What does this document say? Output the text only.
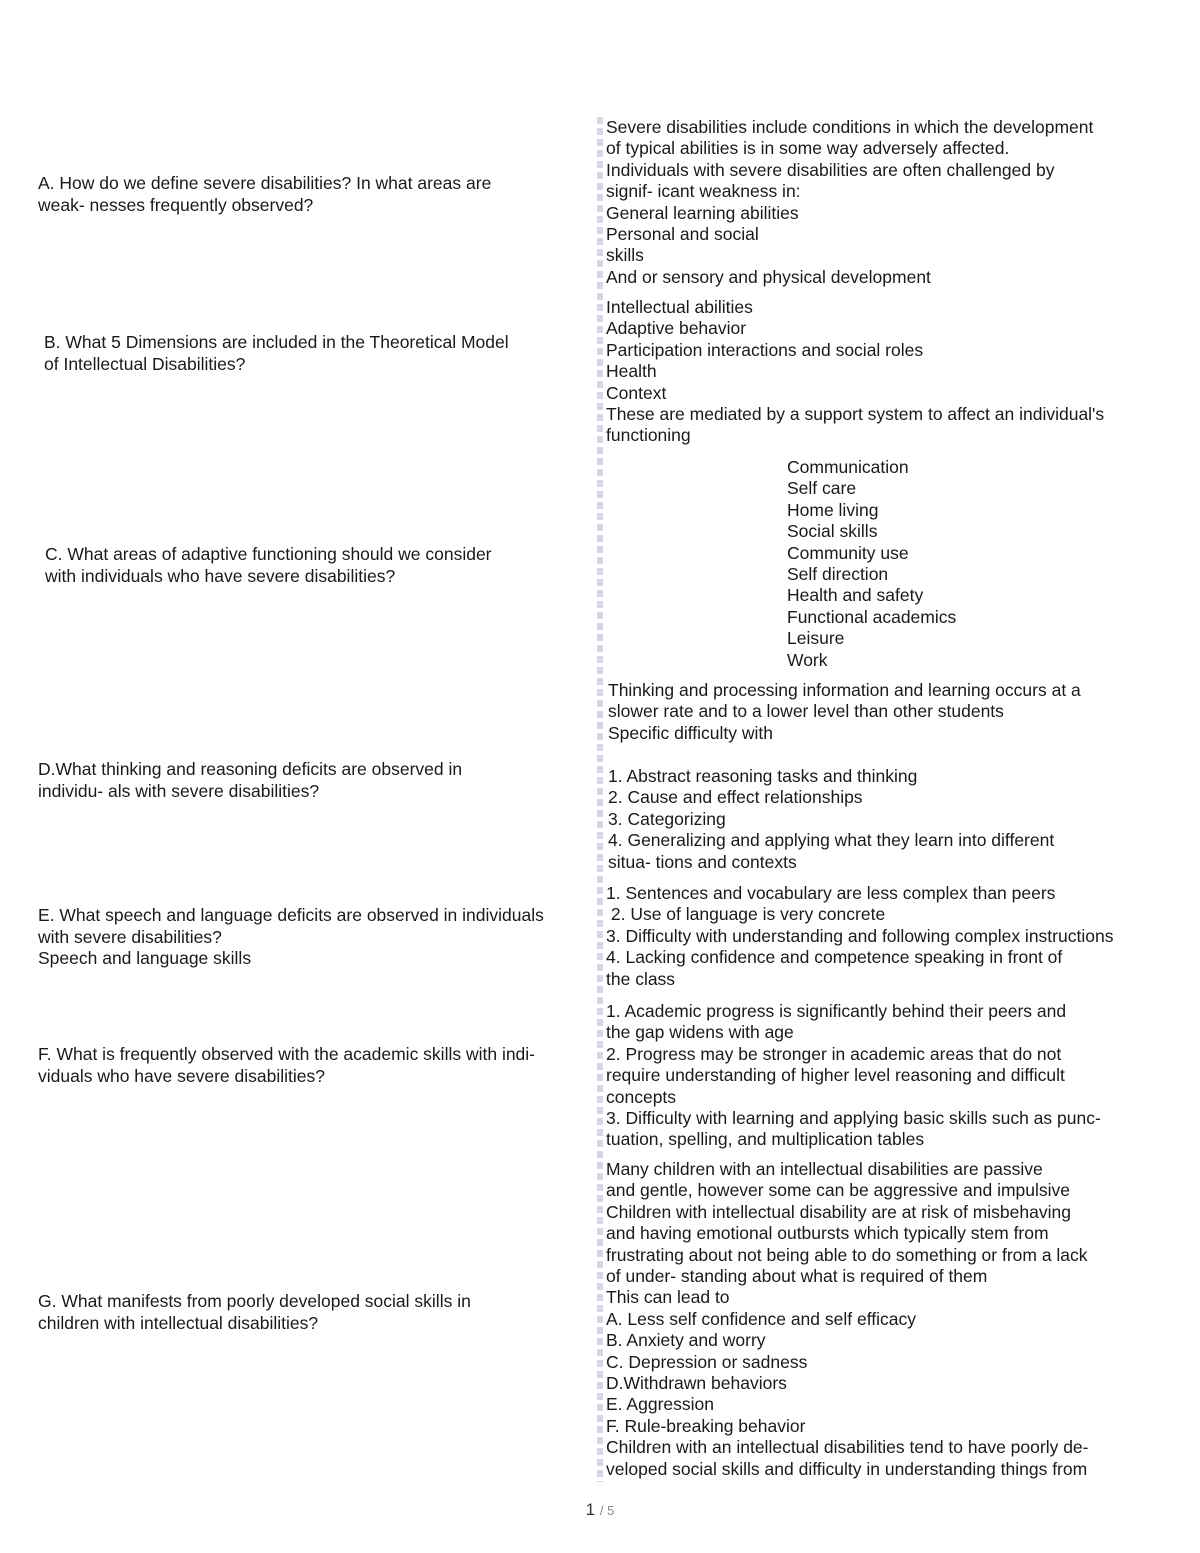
A. How do we define severe disabilities? In what areas are
weak- nesses frequently observed?
Severe disabilities include conditions in which the development
of typical abilities is in some way adversely affected.
Individuals with severe disabilities are often challenged by
signif- icant weakness in:
General learning abilities
Personal and social
skills
And or sensory and physical development
B. What 5 Dimensions are included in the Theoretical Model
of Intellectual Disabilities?
Intellectual abilities
Adaptive behavior
Participation interactions and social roles
Health
Context
These are mediated by a support system to affect an individual's
functioning
C. What areas of adaptive functioning should we consider
with individuals who have severe disabilities?
Communication
Self care
Home living
Social skills
Community use
Self direction
Health and safety
Functional academics
Leisure
Work
D.What thinking and reasoning deficits are observed in
individu- als with severe disabilities?
Thinking and processing information and learning occurs at a
slower rate and to a lower level than other students
Specific difficulty with
1. Abstract reasoning tasks and thinking
2. Cause and effect relationships
3. Categorizing
4. Generalizing and applying what they learn into different
situa- tions and contexts
E. What speech and language deficits are observed in individuals
with severe disabilities?
Speech and language skills
1. Sentences and vocabulary are less complex than peers
2. Use of language is very concrete
3. Difficulty with understanding and following complex instructions
4. Lacking confidence and competence speaking in front of
the class
F. What is frequently observed with the academic skills with indi-
viduals who have severe disabilities?
1. Academic progress is significantly behind their peers and
the gap widens with age
2. Progress may be stronger in academic areas that do not
require understanding of higher level reasoning and difficult
concepts
3. Difficulty with learning and applying basic skills such as punc-
tuation, spelling, and multiplication tables
G. What manifests from poorly developed social skills in
children with intellectual disabilities?
Many children with an intellectual disabilities are passive
and gentle, however some can be aggressive and impulsive
Children with intellectual disability are at risk of misbehaving
and having emotional outbursts which typically stem from
frustrating about not being able to do something or from a lack
of under- standing about what is required of them
This can lead to
A. Less self confidence and self efficacy
B. Anxiety and worry
C. Depression or sadness
D.Withdrawn behaviors
E. Aggression
F. Rule-breaking behavior
Children with an intellectual disabilities tend to have poorly de-
veloped social skills and difficulty in understanding things from
1 / 5
